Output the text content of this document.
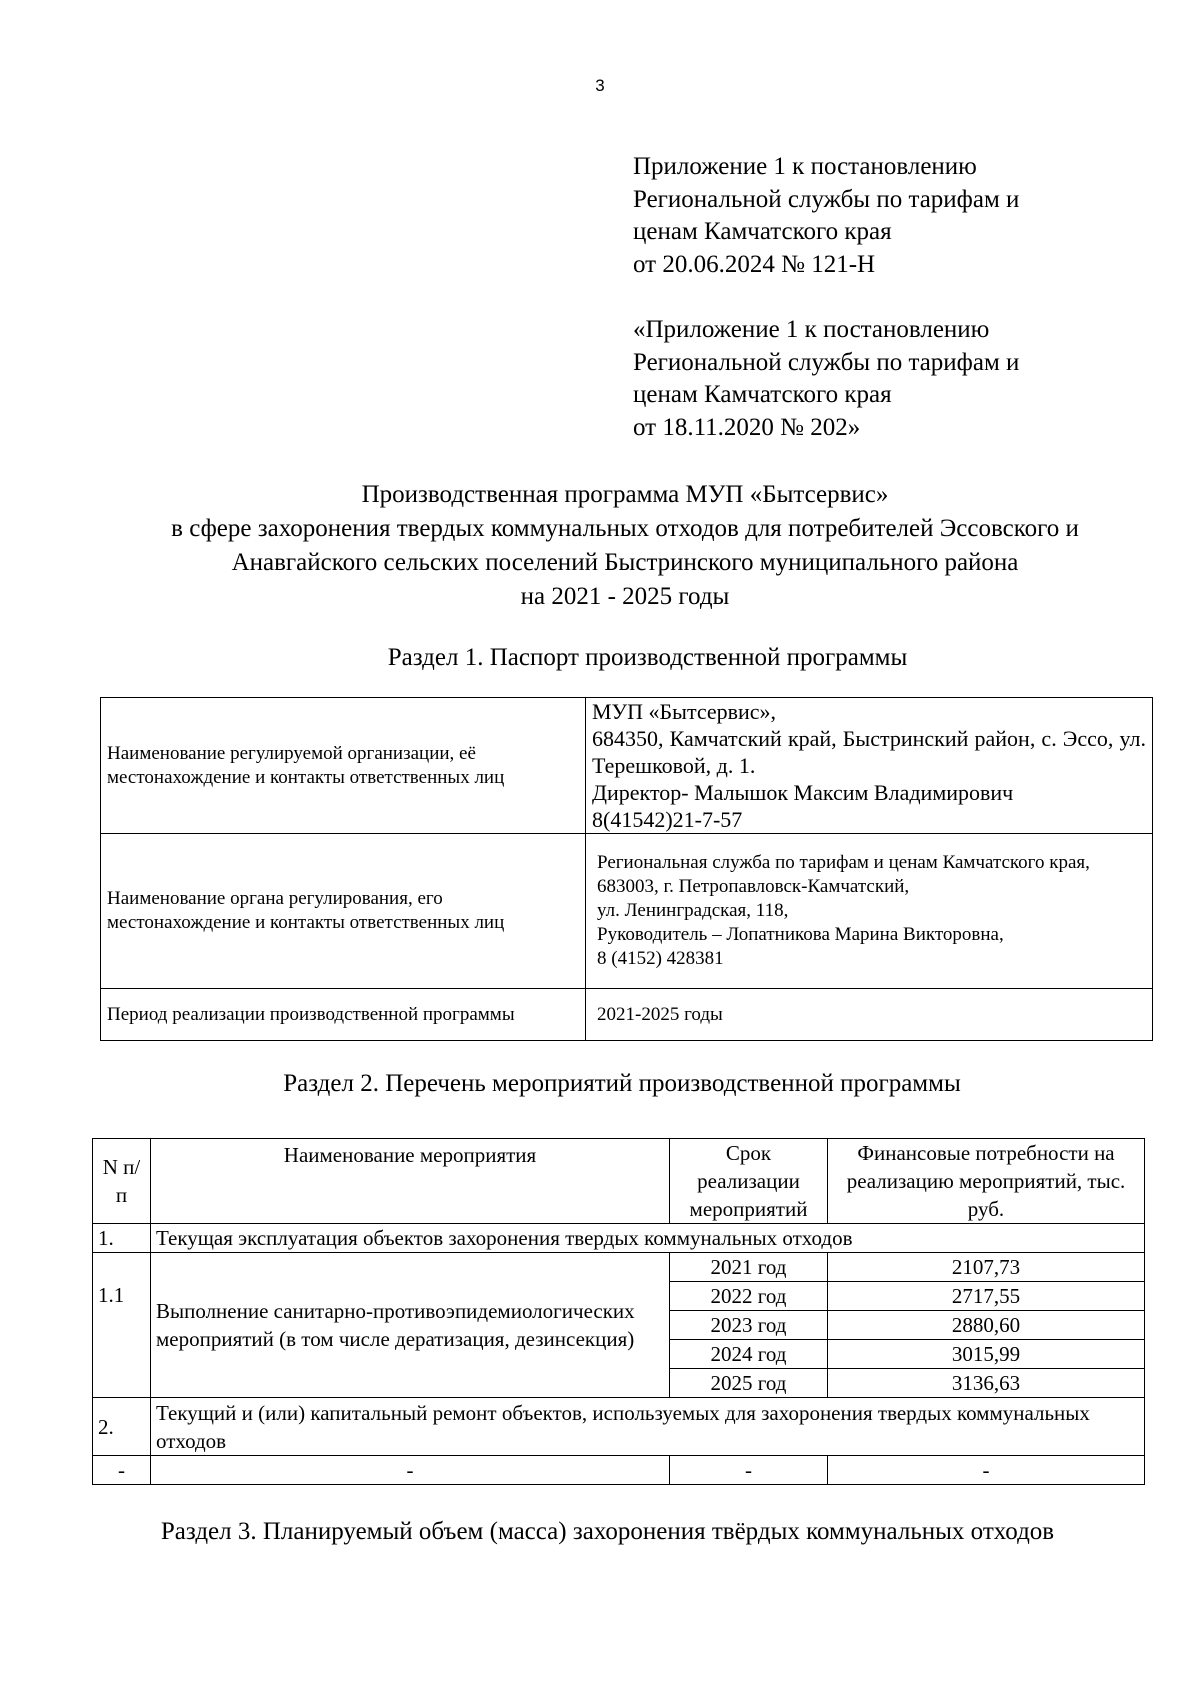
3
Приложение 1 к постановлению
Региональной службы по тарифам и
ценам Камчатского края
от 20.06.2024 № 121-Н
«Приложение 1 к постановлению
Региональной службы по тарифам и
ценам Камчатского края
от 18.11.2020 № 202»
Производственная программа МУП «Бытсервис»
в сфере захоронения твердых коммунальных отходов для потребителей Эссовского и
Анавгайского сельских поселений Быстринского муниципального района
на 2021 - 2025 годы
Раздел 1. Паспорт производственной программы
Наименование регулируемой организации, её местонахождение и контакты ответственных лиц	МУП «Бытсервис»,
684350, Камчатский край, Быстринский район, с. Эссо, ул. Терешковой, д. 1.
Директор- Малышок Максим Владимирович
8(41542)21-7-57

Наименование органа регулирования, его местонахождение и контакты ответственных лиц	Региональная служба по тарифам и ценам Камчатского края,
683003, г. Петропавловск-Камчатский,
ул. Ленинградская, 118,
Руководитель – Лопатникова Марина Викторовна,
8 (4152) 428381

Период реализации производственной программы	2021-2025 годы
Раздел 2. Перечень мероприятий производственной программы
N п/п	Наименование мероприятия	Срок реализации мероприятий	Финансовые потребности на реализацию мероприятий, тыс. руб.
1.	Текущая эксплуатация объектов захоронения твердых коммунальных отходов		
1.1	Выполнение санитарно-противоэпидемиологических мероприятий (в том числе дератизация, дезинсекция)	2021 год	2107,73
		2022 год	2717,55
		2023 год	2880,60
		2024 год	3015,99
		2025 год	3136,63
2.	Текущий и (или) капитальный ремонт объектов, используемых для захоронения твердых коммунальных отходов		
-	-	-	-
Раздел 3. Планируемый объем (масса) захоронения твёрдых коммунальных отходов
